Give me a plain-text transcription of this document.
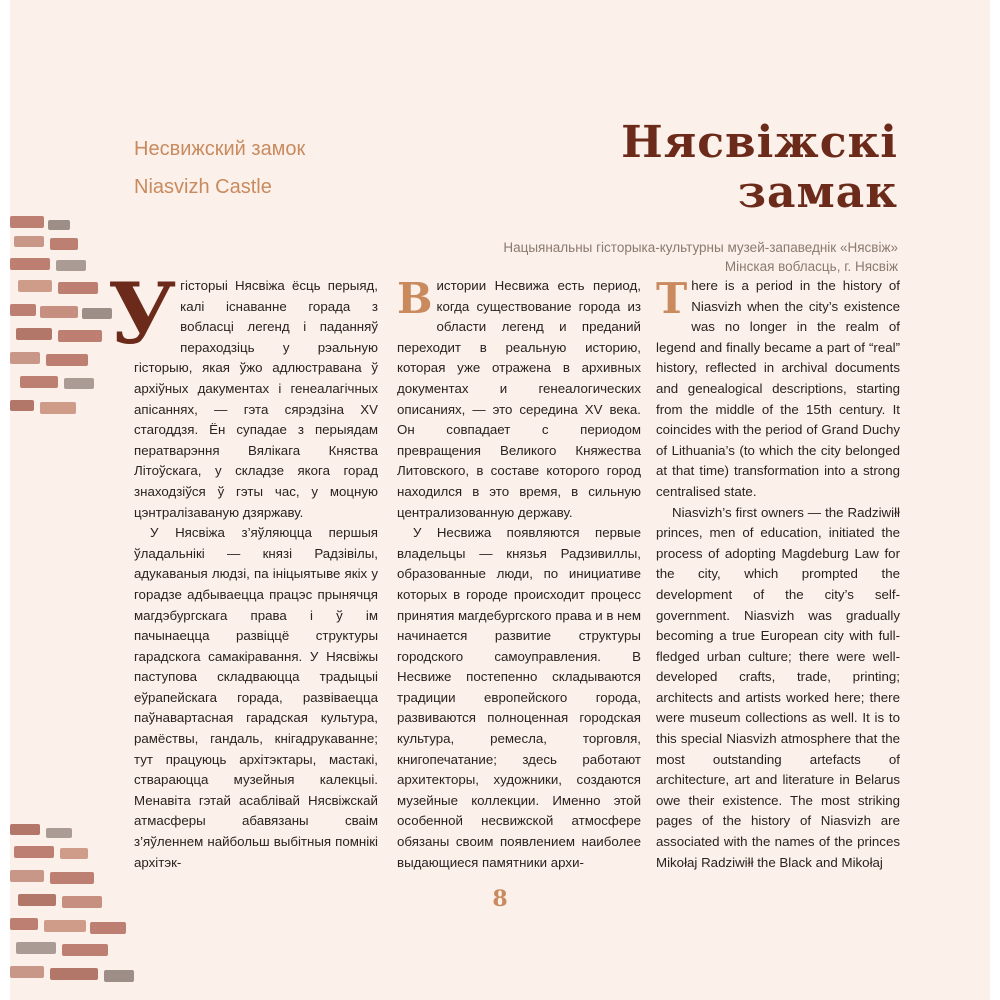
Несвижский замок
Niasvizh Castle
Нясвіжскі
замак
Нацыянальны гісторыка-культурны музей-запаведнік «Нясвіж»
Мінская вобласць, г. Нясвіж

Угісторыі Нясвіжа ёсць перыяд, калі існаванне горада з вобласці легенд і паданняў пераходзіць у рэальную гісторыю, якая ўжо адлюстравана ў архіўных дакументах і генеалагічных апісаннях, — гэта сярэдзіна XV стагоддзя. Ён супадае з перыядам ператварэння Вялікага Княства Літоўскага, у складзе якога горад знаходзіўся ў гэты час, у моцную цэнтралізаваную дзяржаву.

У Нясвіжа з’яўляюцца першыя ўладальнікі — князі Радзівілы, адукаваныя людзі, па ініцыятыве якіх у горадзе адбываецца працэс прынячця магдэбургскага права і ў ім пачынаецца развіццё структуры гарадскога самакіравання. У Нясвіжы паступова складваюцца традыцыі еўрапейскага горада, развіваецца паўнавартасная гарадская культура, рамёствы, гандаль, кнігадрукаванне; тут працуюць архітэктары, мастакі, ствараюцца музейныя калекцыі. Менавіта гэтай асаблівай Нясвіжскай атмасферы абавязаны сваім з’яўленнем найбольш выбітныя помнікі архітэк-

Вистории Несвижа есть период, когда существование города из области легенд и преданий переходит в реальную историю, которая уже отражена в архивных документах и генеалогических описаниях, — это середина XV века. Он совпадает с периодом превращения Великого Княжества Литовского, в составе которого город находился в это время, в сильную централизованную державу.

У Несвижа появляются первые владельцы — князья Радзивиллы, образованные люди, по инициативе которых в городе происходит процесс принятия магдебургского права и в нем начинается развитие структуры городского самоуправления. В Несвиже постепенно складываются традиции европейского города, развиваются полноценная городская культура, ремесла, торговля, книгопечатание; здесь работают архитекторы, художники, создаются музейные коллекции. Именно этой особенной несвижской атмосфере обязаны своим появлением наиболее выдающиеся памятники архи-

There is a period in the history of Niasvizh when the city’s existence was no longer in the realm of legend and finally became a part of “real” history, reflected in archival documents and genealogical descriptions, starting from the middle of the 15th century. It coincides with the period of Grand Duchy of Lithuania’s (to which the city belonged at that time) transformation into a strong centralised state.

Niasvizh’s first owners — the Radziwiłł princes, men of education, initiated the process of adopting Magdeburg Law for the city, which prompted the development of the city’s self-government. Niasvizh was gradually becoming a true European city with full-fledged urban culture; there were well-developed crafts, trade, printing; architects and artists worked here; there were museum collections as well. It is to this special Niasvizh atmosphere that the most outstanding artefacts of architecture, art and literature in Belarus owe their existence. The most striking pages of the history of Niasvizh are associated with the names of the princes Mikołaj Radziwiłł the Black and Mikołaj

8
